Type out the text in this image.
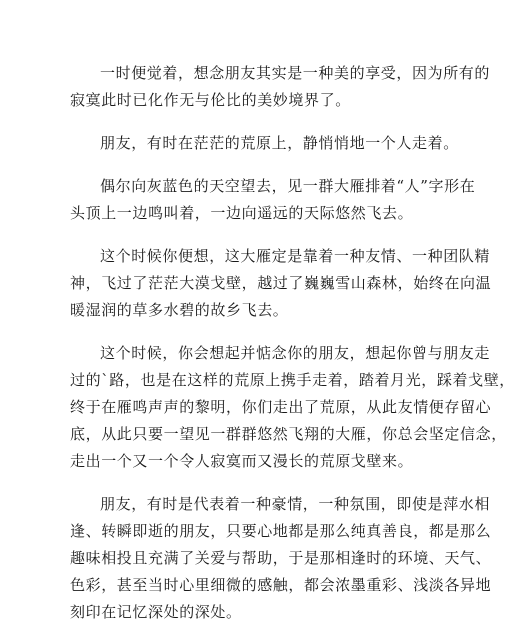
一时便觉着，想念朋友其实是一种美的享受，因为所有的
寂寞此时已化作无与伦比的美妙境界了。

朋友，有时在茫茫的荒原上，静悄悄地一个人走着。

偶尔向灰蓝色的天空望去，见一群大雁排着“人”字形在
头顶上一边鸣叫着，一边向遥远的天际悠然飞去。

这个时候你便想，这大雁定是靠着一种友情、一种团队精
神，飞过了茫茫大漠戈壁，越过了巍巍雪山森林，始终在向温
暖湿润的草多水碧的故乡飞去。

这个时候，你会想起并惦念你的朋友，想起你曾与朋友走
过的`路，也是在这样的荒原上携手走着，踏着月光，踩着戈壁，
终于在雁鸣声声的黎明，你们走出了荒原，从此友情便存留心
底，从此只要一望见一群群悠然飞翔的大雁，你总会坚定信念，
走出一个又一个令人寂寞而又漫长的荒原戈壁来。

朋友，有时是代表着一种豪情，一种氛围，即使是萍水相
逢、转瞬即逝的朋友，只要心地都是那么纯真善良，都是那么
趣味相投且充满了关爱与帮助，于是那相逢时的环境、天气、
色彩，甚至当时心里细微的感触，都会浓墨重彩、浅淡各异地
刻印在记忆深处的深处。
